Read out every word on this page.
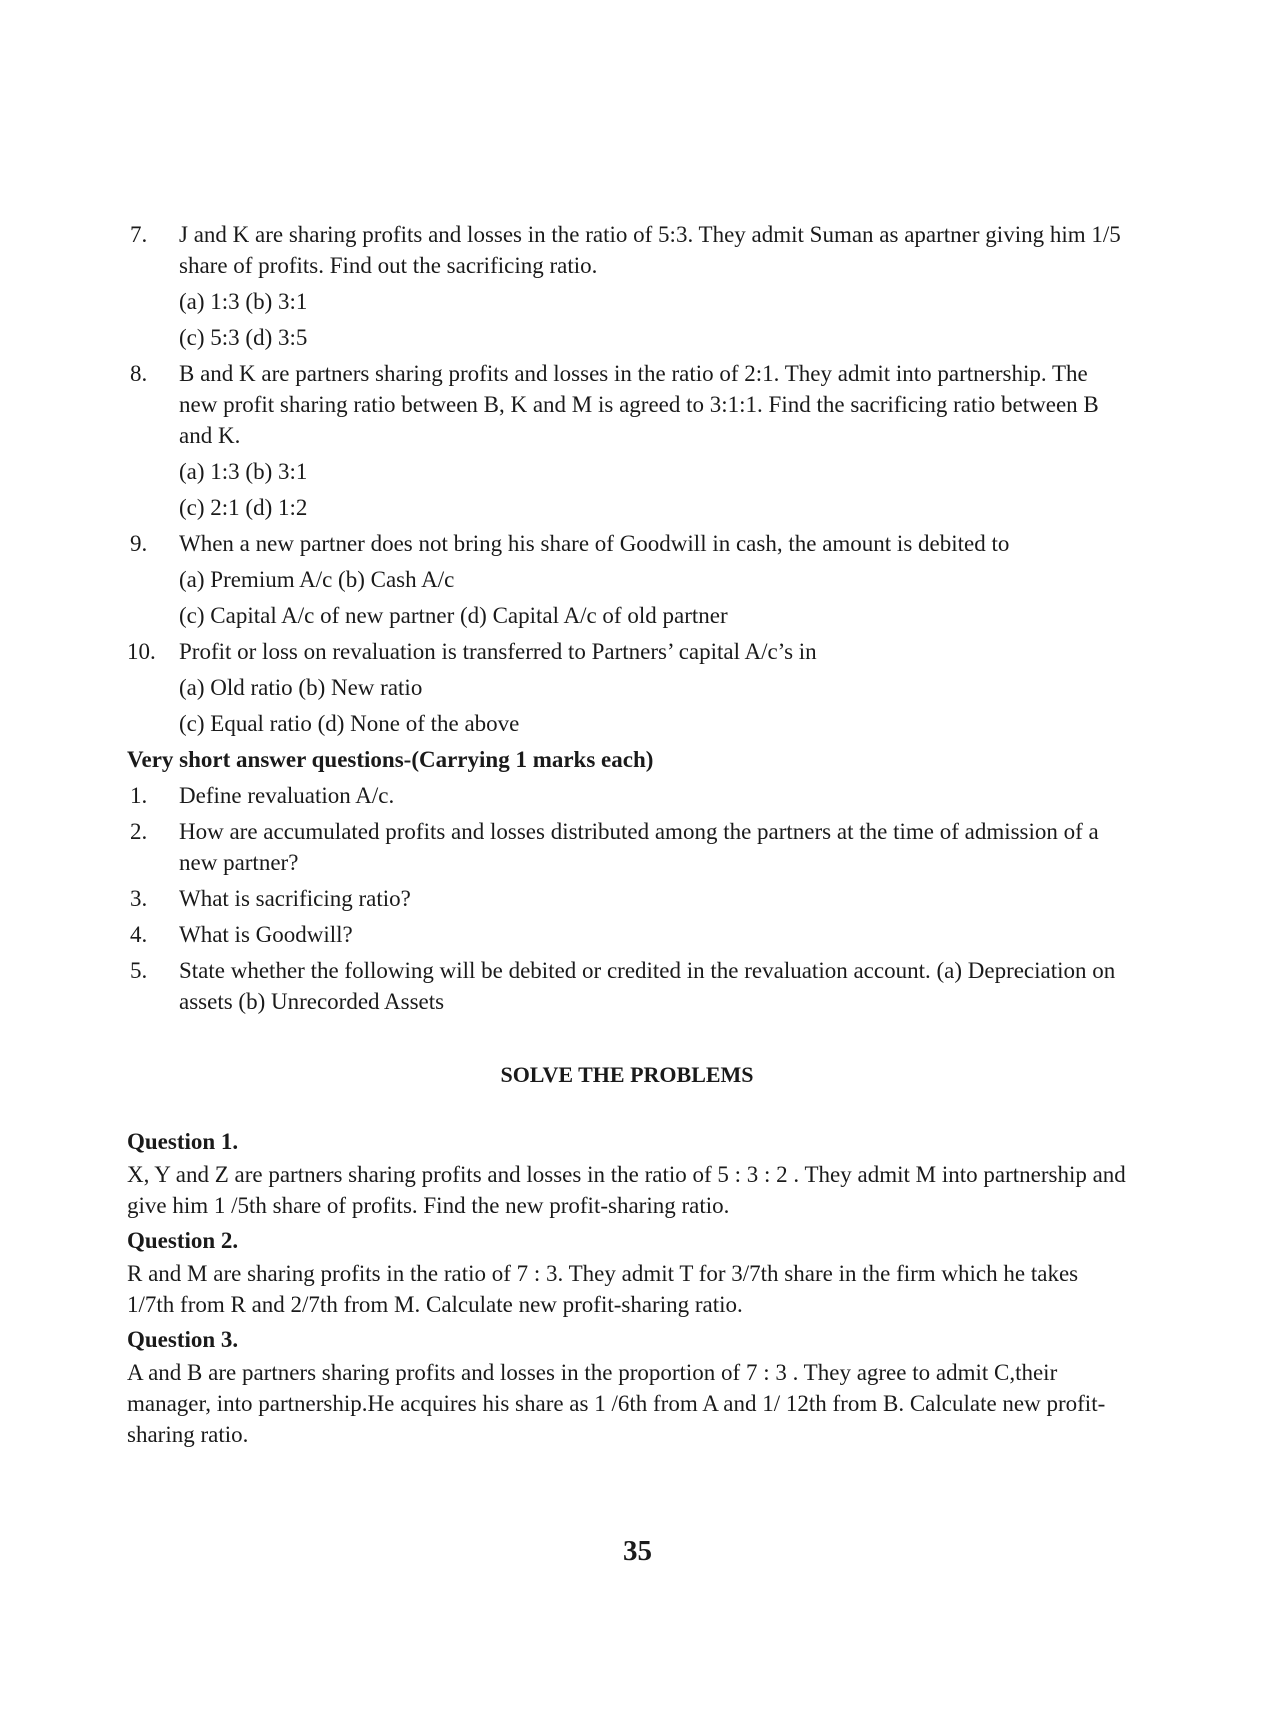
7. J and K are sharing profits and losses in the ratio of 5:3. They admit Suman as apartner giving him 1/5 share of profits. Find out the sacrificing ratio.
(a) 1:3 (b) 3:1
(c) 5:3 (d) 3:5
8. B and K are partners sharing profits and losses in the ratio of 2:1. They admit into partnership. The new profit sharing ratio between B, K and M is agreed to 3:1:1. Find the sacrificing ratio between B and K.
(a) 1:3 (b) 3:1
(c) 2:1 (d) 1:2
9. When a new partner does not bring his share of Goodwill in cash, the amount is debited to
(a) Premium A/c (b) Cash A/c
(c) Capital A/c of new partner (d) Capital A/c of old partner
10. Profit or loss on revaluation is transferred to Partners’ capital A/c’s in
(a) Old ratio (b) New ratio
(c) Equal ratio (d) None of the above
Very short answer questions-(Carrying 1 marks each)
1. Define revaluation A/c.
2. How are accumulated profits and losses distributed among the partners at the time of admission of a new partner?
3. What is sacrificing ratio?
4. What is Goodwill?
5. State whether the following will be debited or credited in the revaluation account. (a) Depreciation on assets (b) Unrecorded Assets
SOLVE THE PROBLEMS
Question 1.
X, Y and Z are partners sharing profits and losses in the ratio of 5 : 3 : 2 . They admit M into partnership and give him 1 /5th share of profits. Find the new profit-sharing ratio.
Question 2.
R and M are sharing profits in the ratio of 7 : 3. They admit T for 3/7th share in the firm which he takes 1/7th from R and 2/7th from M. Calculate new profit-sharing ratio.
Question 3.
A and B are partners sharing profits and losses in the proportion of 7 : 3 . They agree to admit C,their manager, into partnership.He acquires his share as 1 /6th from A and 1/ 12th from B. Calculate new profit-sharing ratio.
35
